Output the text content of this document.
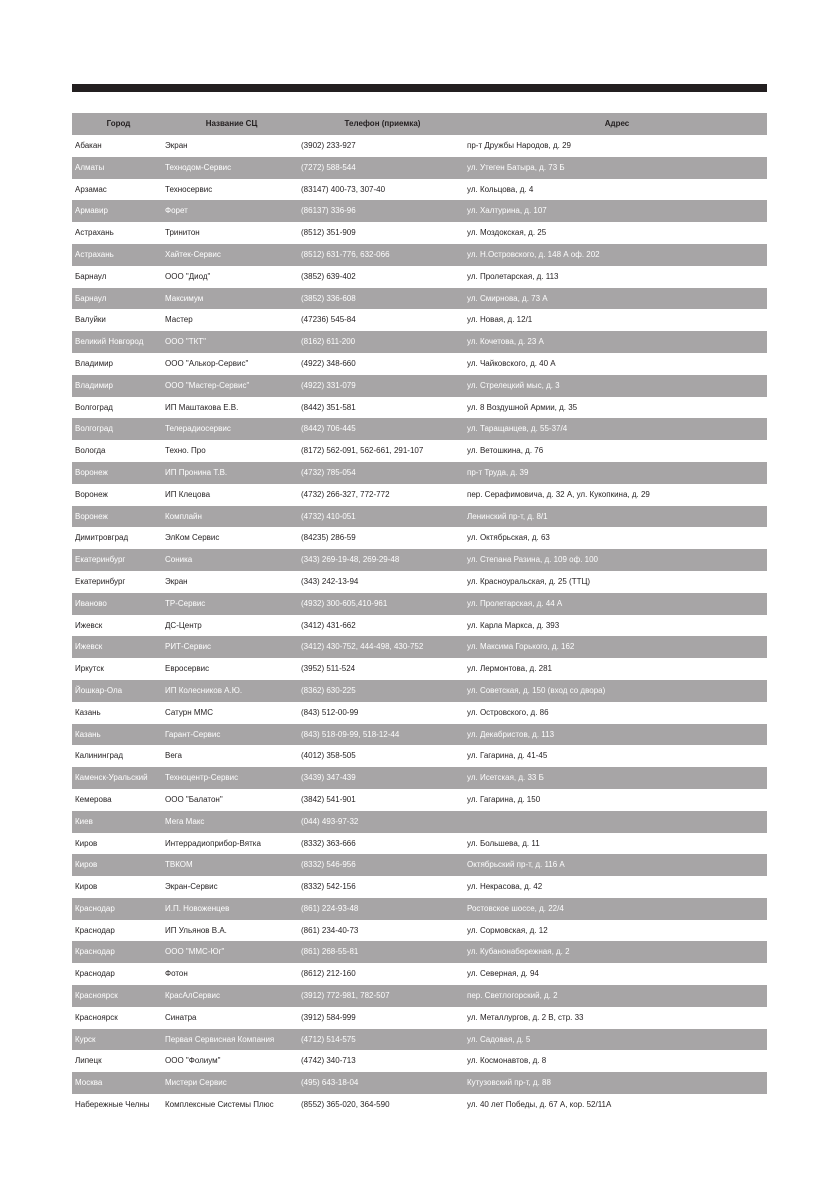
Город	Название СЦ	Телефон (приемка)	Адрес
Абакан	Экран	(3902) 233-927	пр-т Дружбы Народов, д. 29
Алматы	Технодом-Сервис	(7272) 588-544	ул. Утеген Батыра, д. 73 Б
Арзамас	Техносервис	(83147) 400-73, 307-40	ул. Кольцова, д. 4
Армавир	Форет	(86137) 336-96	ул. Халтурина, д. 107
Астрахань	Тринитон	(8512) 351-909	ул. Моздокская, д. 25
Астрахань	Хайтек-Сервис	(8512) 631-776, 632-066	ул. Н.Островского, д. 148 А оф. 202
Барнаул	ООО "Диод"	(3852) 639-402	ул. Пролетарская, д. 113
Барнаул	Максимум	(3852) 336-608	ул. Смирнова, д. 73 А
Валуйки	Мастер	(47236) 545-84	ул. Новая, д. 12/1
Великий Новгород	ООО "ТКТ"	(8162) 611-200	ул. Кочетова, д. 23 А
Владимир	ООО "Алькор-Сервис"	(4922) 348-660	ул. Чайковского, д. 40 А
Владимир	ООО "Мастер-Сервис"	(4922) 331-079	ул. Стрелецкий мыс, д. 3
Волгоград	ИП Маштакова Е.В.	(8442) 351-581	ул. 8 Воздушной Армии, д. 35
Волгоград	Телерадиосервис	(8442) 706-445	ул. Таращанцев, д. 55-37/4
Вологда	Техно. Про	(8172) 562-091, 562-661, 291-107	ул. Ветошкина, д. 76
Воронеж	ИП Пронина Т.В.	(4732) 785-054	пр-т Труда, д. 39
Воронеж	ИП Клецова	(4732) 266-327, 772-772	пер. Серафимовича, д. 32 А, ул. Кукопкина, д. 29
Воронеж	Комплайн	(4732) 410-051	Ленинский пр-т, д. 8/1
Димитровград	ЭлКом Сервис	(84235) 286-59	ул. Октябрьская, д. 63
Екатеринбург	Соника	(343) 269-19-48, 269-29-48	ул. Степана Разина, д. 109 оф. 100
Екатеринбург	Экран	(343) 242-13-94	ул. Красноуральская, д. 25 (ТТЦ)
Иваново	ТР-Сервис	(4932) 300-605,410-961	ул. Пролетарская, д. 44 А
Ижевск	ДС-Центр	(3412) 431-662	ул. Карла Маркса, д. 393
Ижевск	РИТ-Сервис	(3412) 430-752, 444-498, 430-752	ул. Максима Горького, д. 162
Иркутск	Евросервис	(3952) 511-524	ул. Лермонтова, д. 281
Йошкар-Ола	ИП Колесников А.Ю.	(8362) 630-225	ул. Советская, д. 150 (вход со двора)
Казань	Сатурн ММС	(843) 512-00-99	ул. Островского, д. 86
Казань	Гарант-Сервис	(843) 518-09-99, 518-12-44	ул. Декабристов, д. 113
Калининград	Вега	(4012) 358-505	ул. Гагарина, д. 41-45
Каменск-Уральский	Техноцентр-Сервис	(3439) 347-439	ул. Исетская, д. 33 Б
Кемерова	ООО "Балатон"	(3842) 541-901	ул. Гагарина, д. 150
Киев	Мега Макс	(044) 493-97-32	
Киров	Интеррадиоприбор-Вятка	(8332) 363-666	ул. Большева, д. 11
Киров	ТВКОМ	(8332) 546-956	Октябрьский пр-т, д. 116 А
Киров	Экран-Сервис	(8332) 542-156	ул. Некрасова, д. 42
Краснодар	И.П. Новоженцев	(861) 224-93-48	Ростовское шоссе, д. 22/4
Краснодар	ИП Ульянов В.А.	(861) 234-40-73	ул. Сормовская, д. 12
Краснодар	ООО "ММС-Юг"	(861) 268-55-81	ул. Кубанонабережная, д. 2
Краснодар	Фотон	(8612) 212-160	ул. Северная, д. 94
Красноярск	КрасАлСервис	(3912) 772-981, 782-507	пер. Светлогорский, д. 2
Красноярск	Синатра	(3912) 584-999	ул. Металлургов, д. 2 В, стр. 33
Курск	Первая Сервисная Компания	(4712) 514-575	ул. Садовая, д. 5
Липецк	ООО "Фолиум"	(4742) 340-713	ул. Космонавтов, д. 8
Москва	Мистери Сервис	(495) 643-18-04	Кутузовский пр-т, д. 88
Набережные Челны	Комплексные Системы Плюс	(8552) 365-020, 364-590	ул. 40 лет Победы, д. 67 А, кор. 52/11А
